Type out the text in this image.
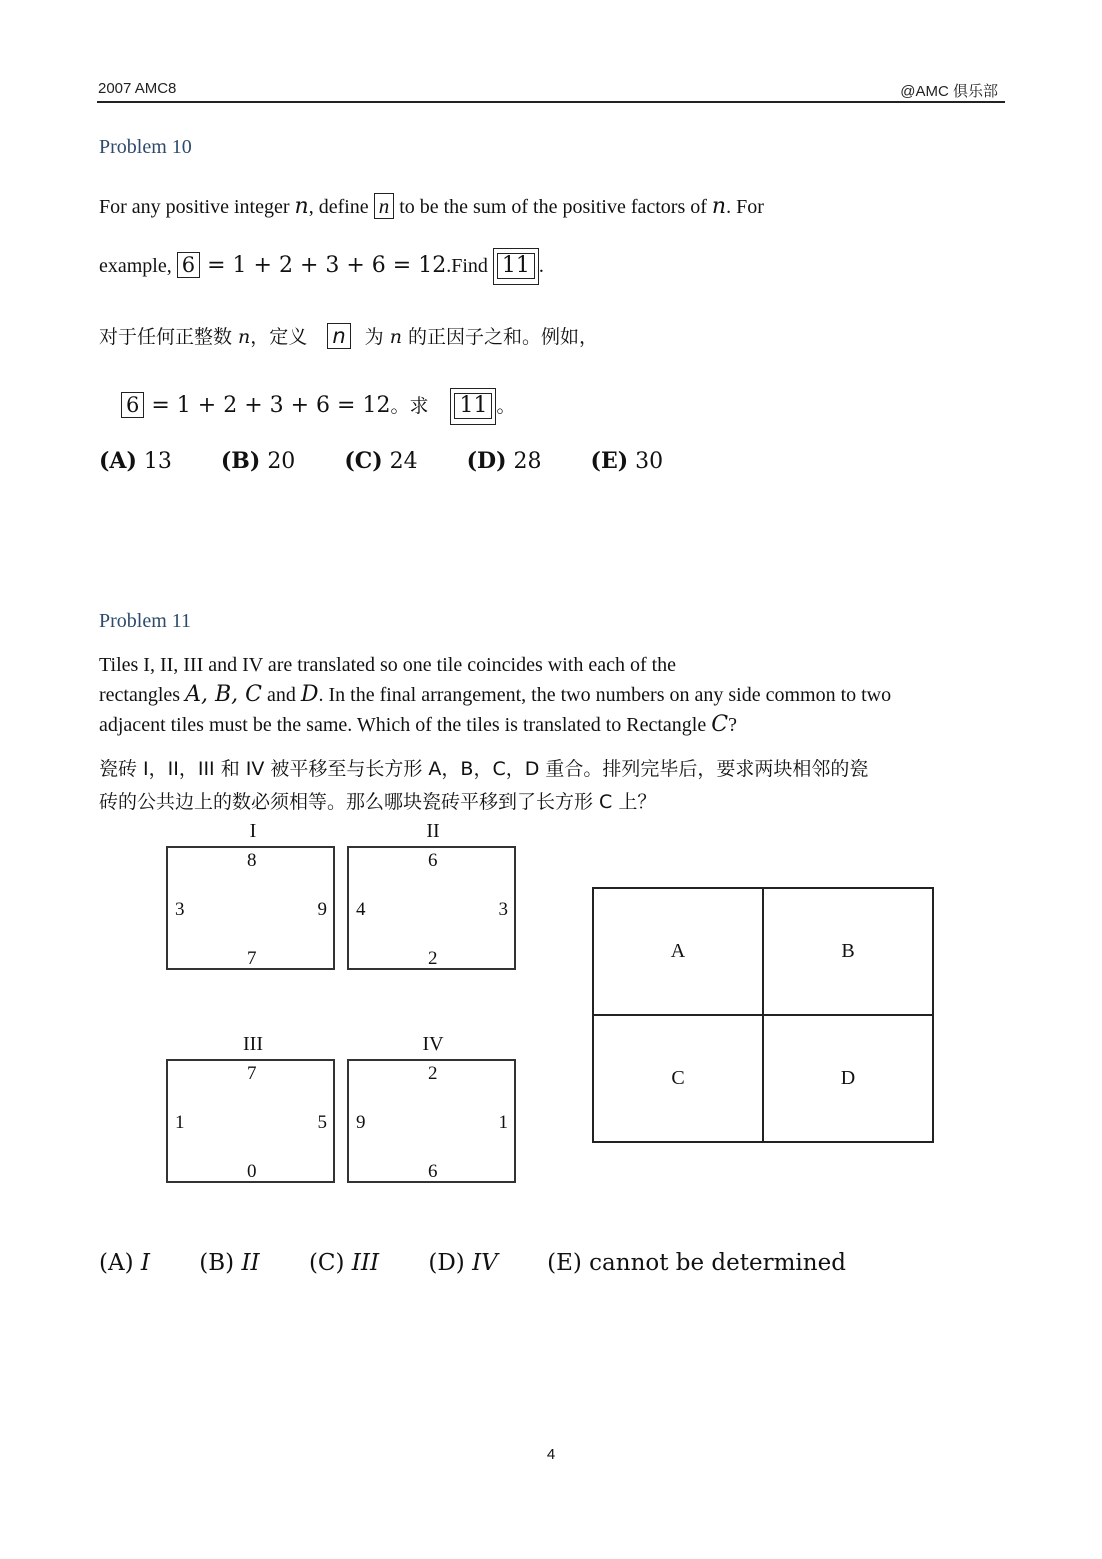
2007 AMC8	@AMC 俱乐部
Problem 10
For any positive integer n, define n to be the sum of the positive factors of n. For
example, 6 = 1 + 2 + 3 + 6 = 12.Find 11 .
对于任何正整数 n，定义 n 为 n 的正因子之和。例如，
6 = 1 + 2 + 3 + 6 = 12。求 11 。
(A) 13 (B) 20 (C) 24 (D) 28 (E) 30
Problem 11
Tiles I, II, III and IV are translated so one tile coincides with each of the
rectangles A, B, C and D. In the final arrangement, the two numbers on any side common to two
adjacent tiles must be the same. Which of the tiles is translated to Rectangle C?
瓷砖 I，II，III 和 IV 被平移至与长方形 A，B，C，D 重合。排列完毕后，要求两块相邻的瓷
砖的公共边上的数必须相等。那么哪块瓷砖平移到了长方形 C 上？
I
8
3	9
7
II
6
4	3
2
III
7
1	5
0
IV
2
9	1
6
A	B
C	D
(A) I (B) II (C) III (D) IV (E) cannot be determined
4
